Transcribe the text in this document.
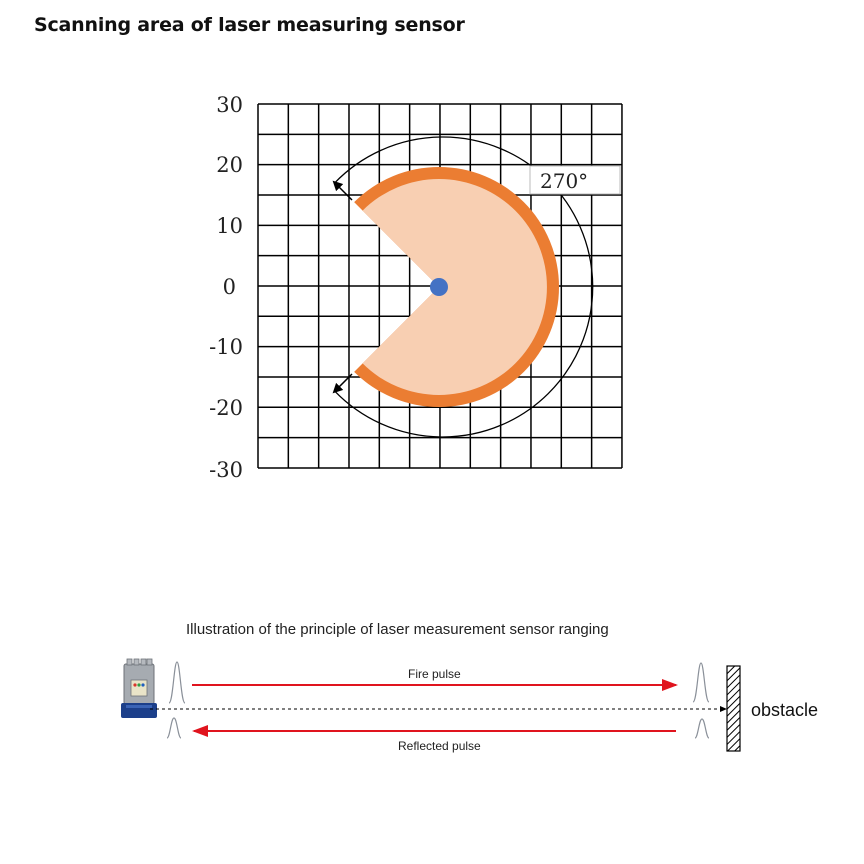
Scanning area of laser measuring sensor
30
20
10
0
-10
-20
-30
270°
Illustration of the principle of laser measurement sensor ranging
Fire pulse
Reflected pulse
obstacle
